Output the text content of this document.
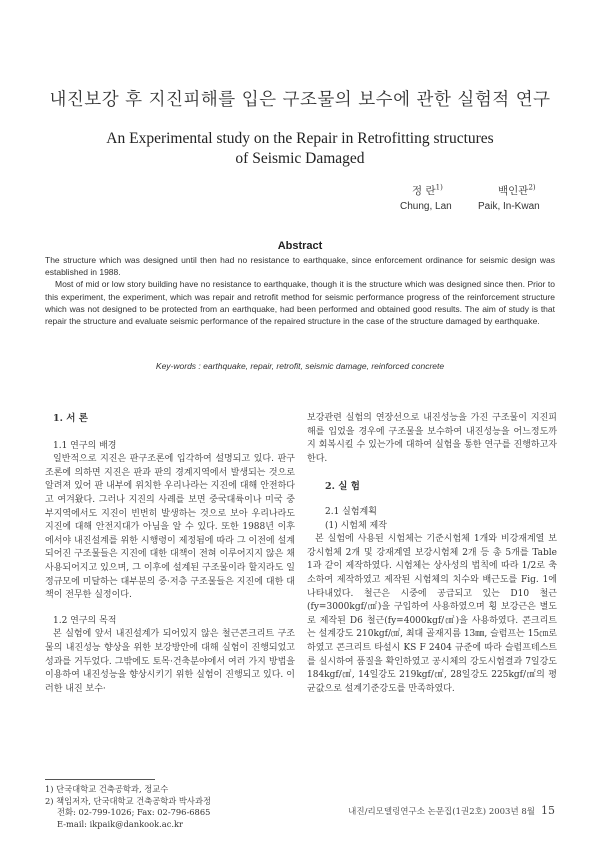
내진보강 후 지진피해를 입은 구조물의 보수에 관한 실험적 연구
An Experimental study on the Repair in Retrofitting structures
of Seismic Damaged
정 란$^{1)}$	백인관$^{2)}$
Chung, Lan	Paik, In-Kwan
Abstract

The structure which was designed until then had no resistance to earthquake, since enforcement ordinance for seismic design was established in 1988.

Most of mid or low story building have no resistance to earthquake, though it is the structure which was designed since then. Prior to this experiment, the experiment, which was repair and retrofit method for seismic performance progress of the reinforcement structure which was not designed to be protected from an earthquake, had been performed and obtained good results. The aim of study is that repair the structure and evaluate seismic performance of the repaired structure in the case of the structure damaged by earthquake.

Key-words : earthquake, repair, retrofit, seismic damage, reinforced concrete
1. 서 론
1.1 연구의 배경

일반적으로 지진은 판구조론에 입각하여 설명되고 있다. 판구조론에 의하면 지진은 판과 판의 경계지역에서 발생되는 것으로 알려져 있어 판 내부에 위치한 우리나라는 지진에 대해 안전하다고 여겨왔다. 그러나 지진의 사례를 보면 중국대륙이나 미국 중부지역에서도 지진이 빈번히 발생하는 것으로 보아 우리나라도 지진에 대해 안전지대가 아님을 알 수 있다. 또한 1988년 이후에서야 내진설계를 위한 시행령이 제정됨에 따라 그 이전에 설계되어진 구조물들은 지진에 대한 대책이 전혀 이루어지지 않은 채 사용되어지고 있으며, 그 이후에 설계된 구조물이라 할지라도 일정규모에 미달하는 대부분의 중·저층 구조물들은 지진에 대한 대책이 전무한 실정이다.

1.2 연구의 목적

본 실험에 앞서 내진설계가 되어있지 않은 철근콘크리트 구조물의 내진성능 향상을 위한 보강방안에 대해 실험이 진행되었고 성과를 거두었다. 그밖에도 토목·건축분야에서 여러 가지 방법을 이용하여 내진성능을 향상시키기 위한 실험이 진행되고 있다. 이러한 내진 보수·

보강관련 실험의 연장선으로 내진성능을 가진 구조물이 지진피해를 입었을 경우에 구조물을 보수하여 내진성능을 어느정도까지 회복시킬 수 있는가에 대하여 실험을 통한 연구를 진행하고자 한다.

2. 실 험
2.1 실험계획
(1) 시험체 제작

본 실험에 사용된 시험체는 기준시험체 1개와 비강재계열 보강시험체 2개 및 강재계열 보강시험체 2개 등 총 5개를 Table 1과 같이 제작하였다. 시험체는 상사성의 법칙에 따라 1/2로 축소하여 제작하였고 제작된 시험체의 치수와 배근도를 Fig. 1에 나타내었다. 철근은 시중에 공급되고 있는 D10 철근(fy=3000kgf/㎠)을 구입하여 사용하였으며 횡 보강근은 별도로 제작된 D6 철근(fy=4000kgf/㎠)을 사용하였다. 콘크리트는 설계강도 210kgf/㎠, 최대 골재지름 13㎜, 슬럼프는 15㎝로 하였고 콘크리트 타설시 KS F 2404 규준에 따라 슬럼프테스트를 실시하여 품질을 확인하였고 공시체의 강도시험결과 7일강도 184kgf/㎠, 14일강도 219kgf/㎠, 28일강도 225kgf/㎠의 평균값으로 설계기준강도를 만족하였다.

1) 단국대학교 건축공학과, 정교수
2) 책임저자, 단국대학교 건축공학과 박사과정
전화: 02-799-1026; Fax: 02-796-6865
E-mail: ikpaik@dankook.ac.kr
내진/리모델링연구소 논문집(1권2호) 2003년 8월 15
